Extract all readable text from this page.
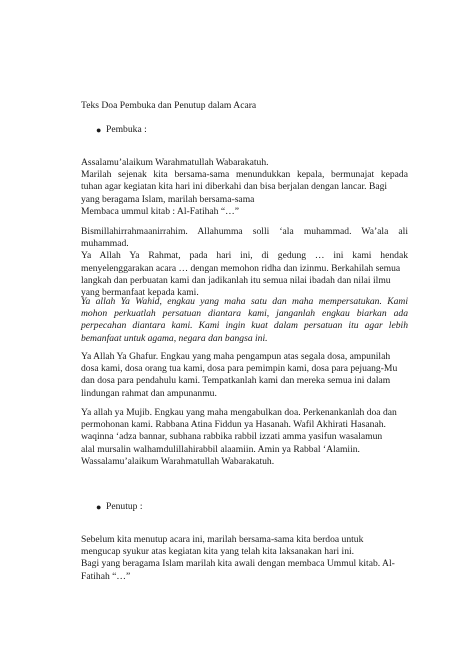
Teks Doa Pembuka dan Penutup dalam Acara
● Pembuka :
Assalamu’alaikum Warahmatullah Wabarakatuh.
Marilah sejenak kita bersama-sama menundukkan kepala, bermunajat kepada
tuhan agar kegiatan kita hari ini diberkahi dan bisa berjalan dengan lancar. Bagi
yang beragama Islam, marilah bersama-sama
Membaca ummul kitab : Al-Fatihah “…”
Bismillahirrahmaanirrahim. Allahumma solli ‘ala muhammad. Wa’ala ali
muhammad.
Ya Allah Ya Rahmat, pada hari ini, di gedung … ini kami hendak
menyelenggarakan acara … dengan memohon ridha dan izinmu. Berkahilah semua
langkah dan perbuatan kami dan jadikanlah itu semua nilai ibadah dan nilai ilmu
yang bermanfaat kepada kami.
Ya allah Ya Wahid, engkau yang maha satu dan maha mempersatukan. Kami
mohon perkuatlah persatuan diantara kami, janganlah engkau biarkan ada
perpecahan diantara kami. Kami ingin kuat dalam persatuan itu agar lebih
bemanfaat untuk agama, negara dan bangsa ini.
Ya Allah Ya Ghafur. Engkau yang maha pengampun atas segala dosa, ampunilah
dosa kami, dosa orang tua kami, dosa para pemimpin kami, dosa para pejuang-Mu
dan dosa para pendahulu kami. Tempatkanlah kami dan mereka semua ini dalam
lindungan rahmat dan ampunanmu.
Ya allah ya Mujib. Engkau yang maha mengabulkan doa. Perkenankanlah doa dan
permohonan kami. Rabbana Atina Fiddun ya Hasanah. Wafil Akhirati Hasanah.
waqinna ‘adza bannar, subhana rabbika rabbil izzati amma yasifun wasalamun
alal mursalin walhamdulillahirabbil alaamiin. Amin ya Rabbal ‘Alamiin.
Wassalamu’alaikum Warahmatullah Wabarakatuh.
● Penutup :
Sebelum kita menutup acara ini, marilah bersama-sama kita berdoa untuk
mengucap syukur atas kegiatan kita yang telah kita laksanakan hari ini.
Bagi yang beragama Islam marilah kita awali dengan membaca Ummul kitab. Al-
Fatihah “…”
